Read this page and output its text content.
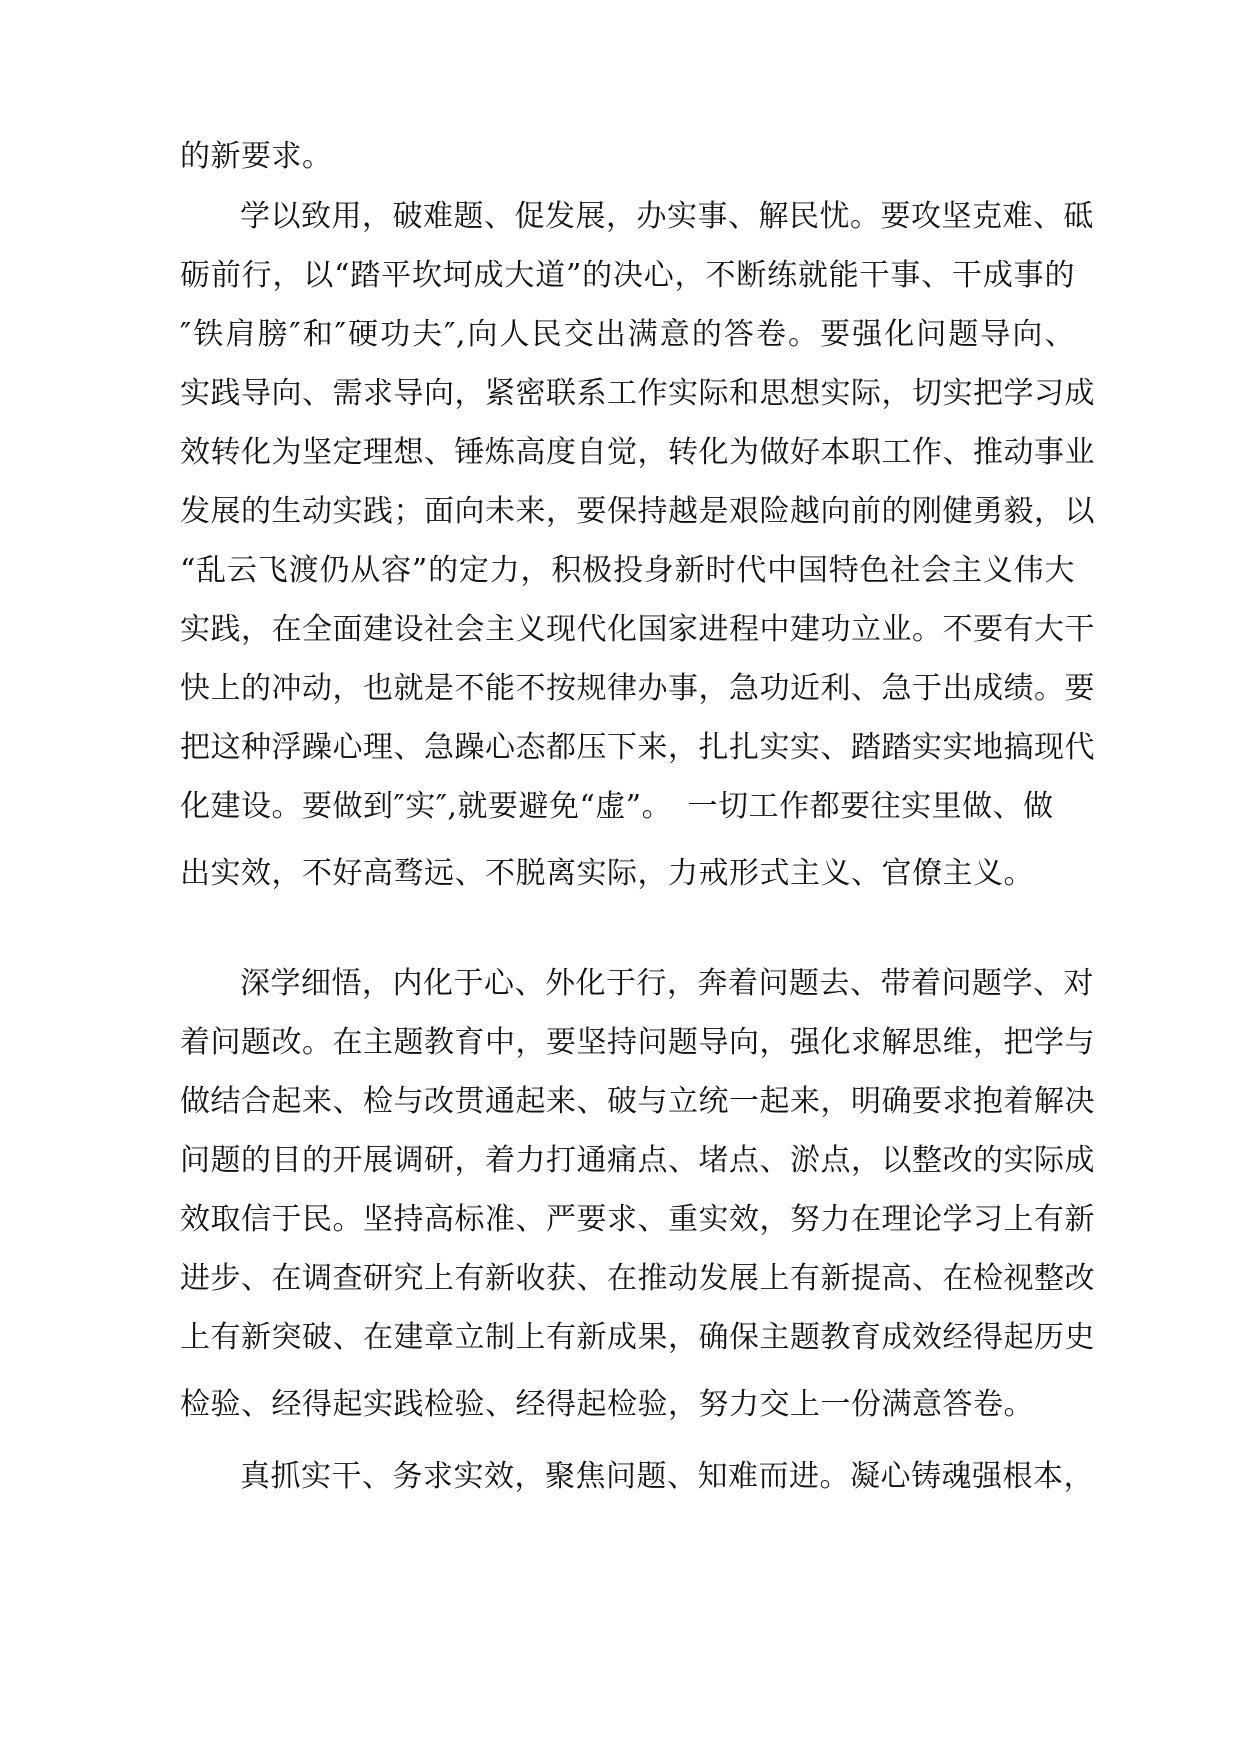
的新要求。

学以致用，破难题、促发展，办实事、解民忧。要攻坚克难、砥

砺前行，以“踏平坎坷成大道”的决心，不断练就能干事、干成事的

″铁肩膀″和″硬功夫″,向人民交出满意的答卷。要强化问题导向、

实践导向、需求导向，紧密联系工作实际和思想实际，切实把学习成

效转化为坚定理想、锤炼高度自觉，转化为做好本职工作、推动事业

发展的生动实践；面向未来，要保持越是艰险越向前的刚健勇毅，以

“乱云飞渡仍从容”的定力，积极投身新时代中国特色社会主义伟大

实践，在全面建设社会主义现代化国家进程中建功立业。不要有大干

快上的冲动，也就是不能不按规律办事，急功近利、急于出成绩。要

把这种浮躁心理、急躁心态都压下来，扎扎实实、踏踏实实地搞现代

化建设。要做到″实″,就要避免“虚”。　一切工作都要往实里做、做

出实效，不好高骛远、不脱离实际，力戒形式主义、官僚主义。

深学细悟，内化于心、外化于行，奔着问题去、带着问题学、对

着问题改。在主题教育中，要坚持问题导向，强化求解思维，把学与

做结合起来、检与改贯通起来、破与立统一起来，明确要求抱着解决

问题的目的开展调研，着力打通痛点、堵点、淤点，以整改的实际成

效取信于民。坚持高标准、严要求、重实效，努力在理论学习上有新

进步、在调查研究上有新收获、在推动发展上有新提高、在检视整改

上有新突破、在建章立制上有新成果，确保主题教育成效经得起历史

检验、经得起实践检验、经得起检验，努力交上一份满意答卷。

真抓实干、务求实效，聚焦问题、知难而进。凝心铸魂强根本，
